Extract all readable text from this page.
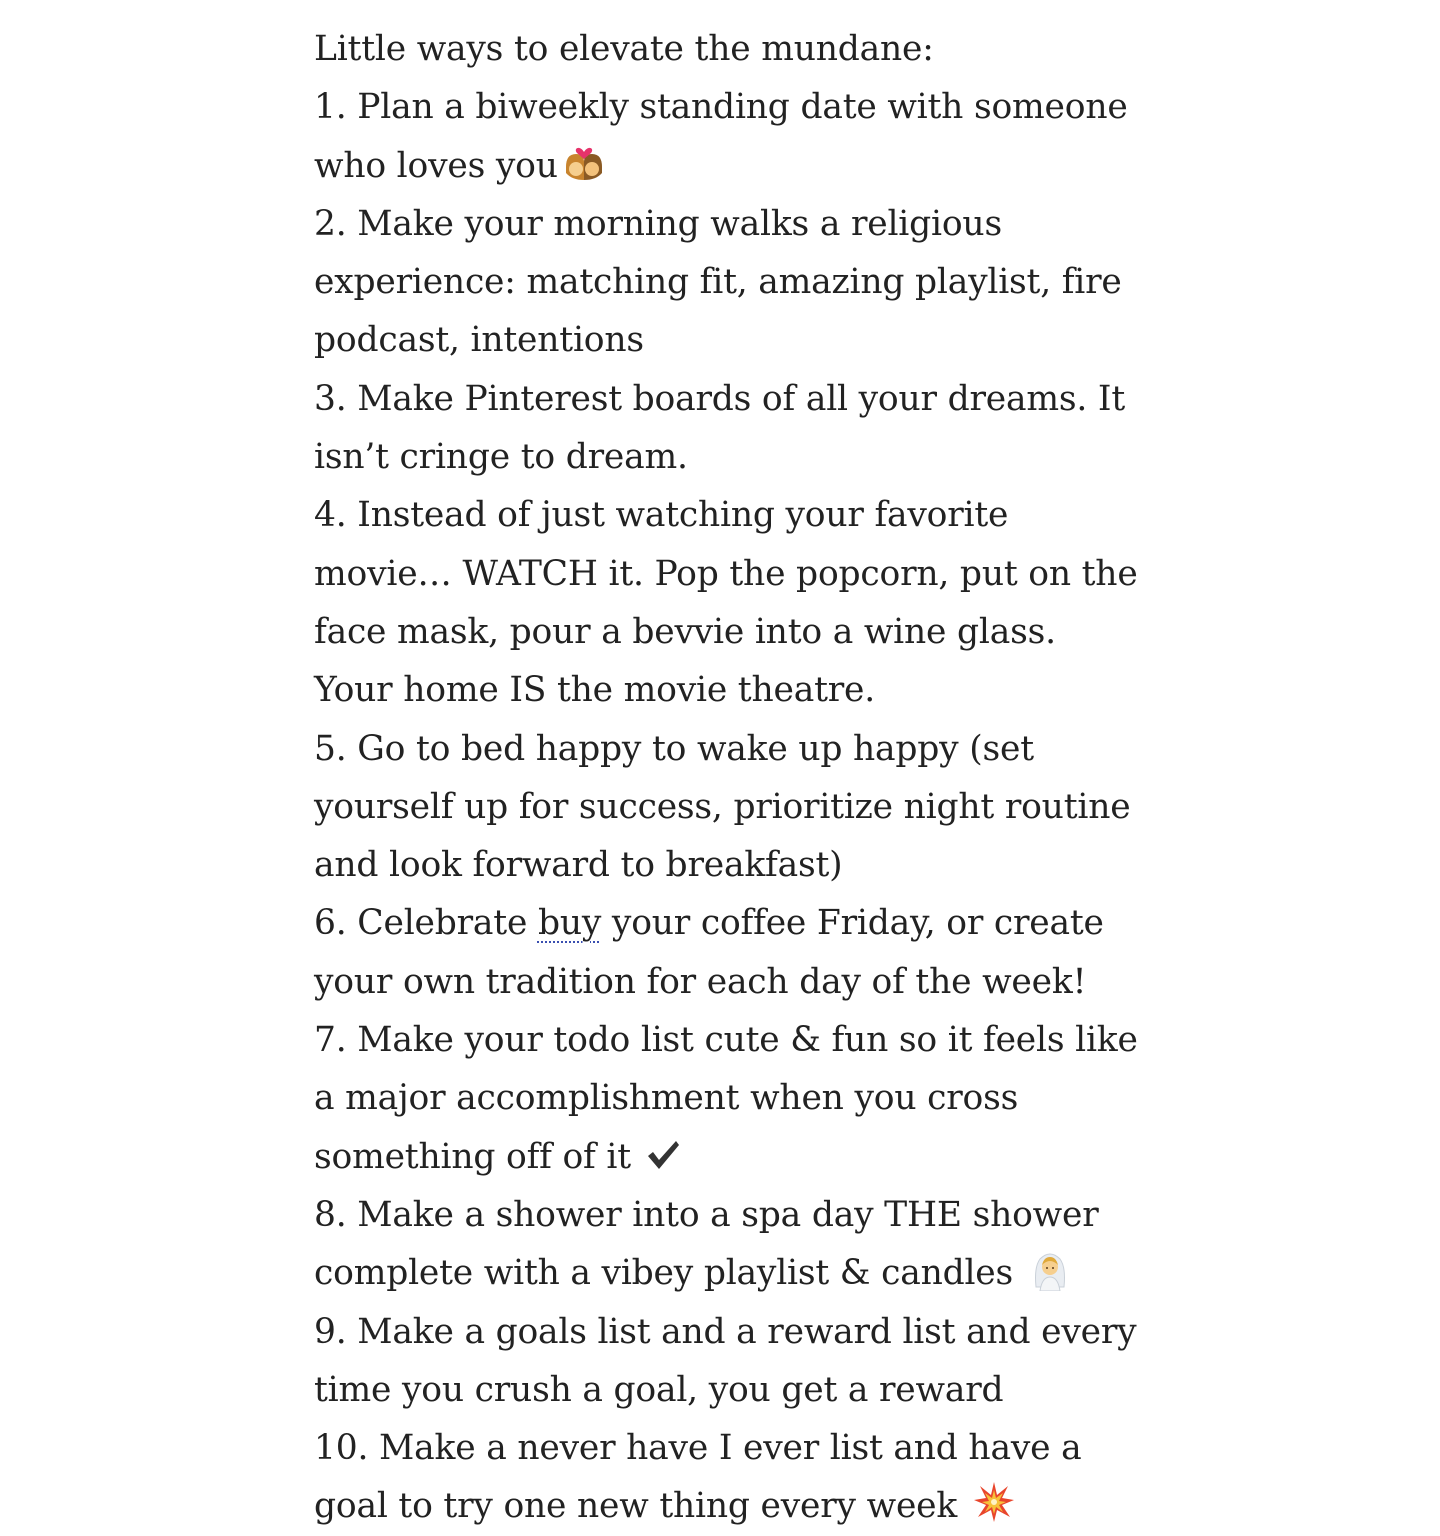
Little ways to elevate the mundane:

1. Plan a biweekly standing date with someone who loves you

2. Make your morning walks a religious experience: matching fit, amazing playlist, fire podcast, intentions

3. Make Pinterest boards of all your dreams. It isn’t cringe to dream.

4. Instead of just watching your favorite movie… WATCH it. Pop the popcorn, put on the face mask, pour a bevvie into a wine glass. Your home IS the movie theatre.

5. Go to bed happy to wake up happy (set yourself up for success, prioritize night routine and look forward to breakfast)

6. Celebrate buy your coffee Friday, or create your own tradition for each day of the week!

7. Make your todo list cute & fun so it feels like a major accomplishment when you cross something off of it

8. Make a shower into a spa day THE shower complete with a vibey playlist & candles

9. Make a goals list and a reward list and every time you crush a goal, you get a reward

10. Make a never have I ever list and have a goal to try one new thing every week
